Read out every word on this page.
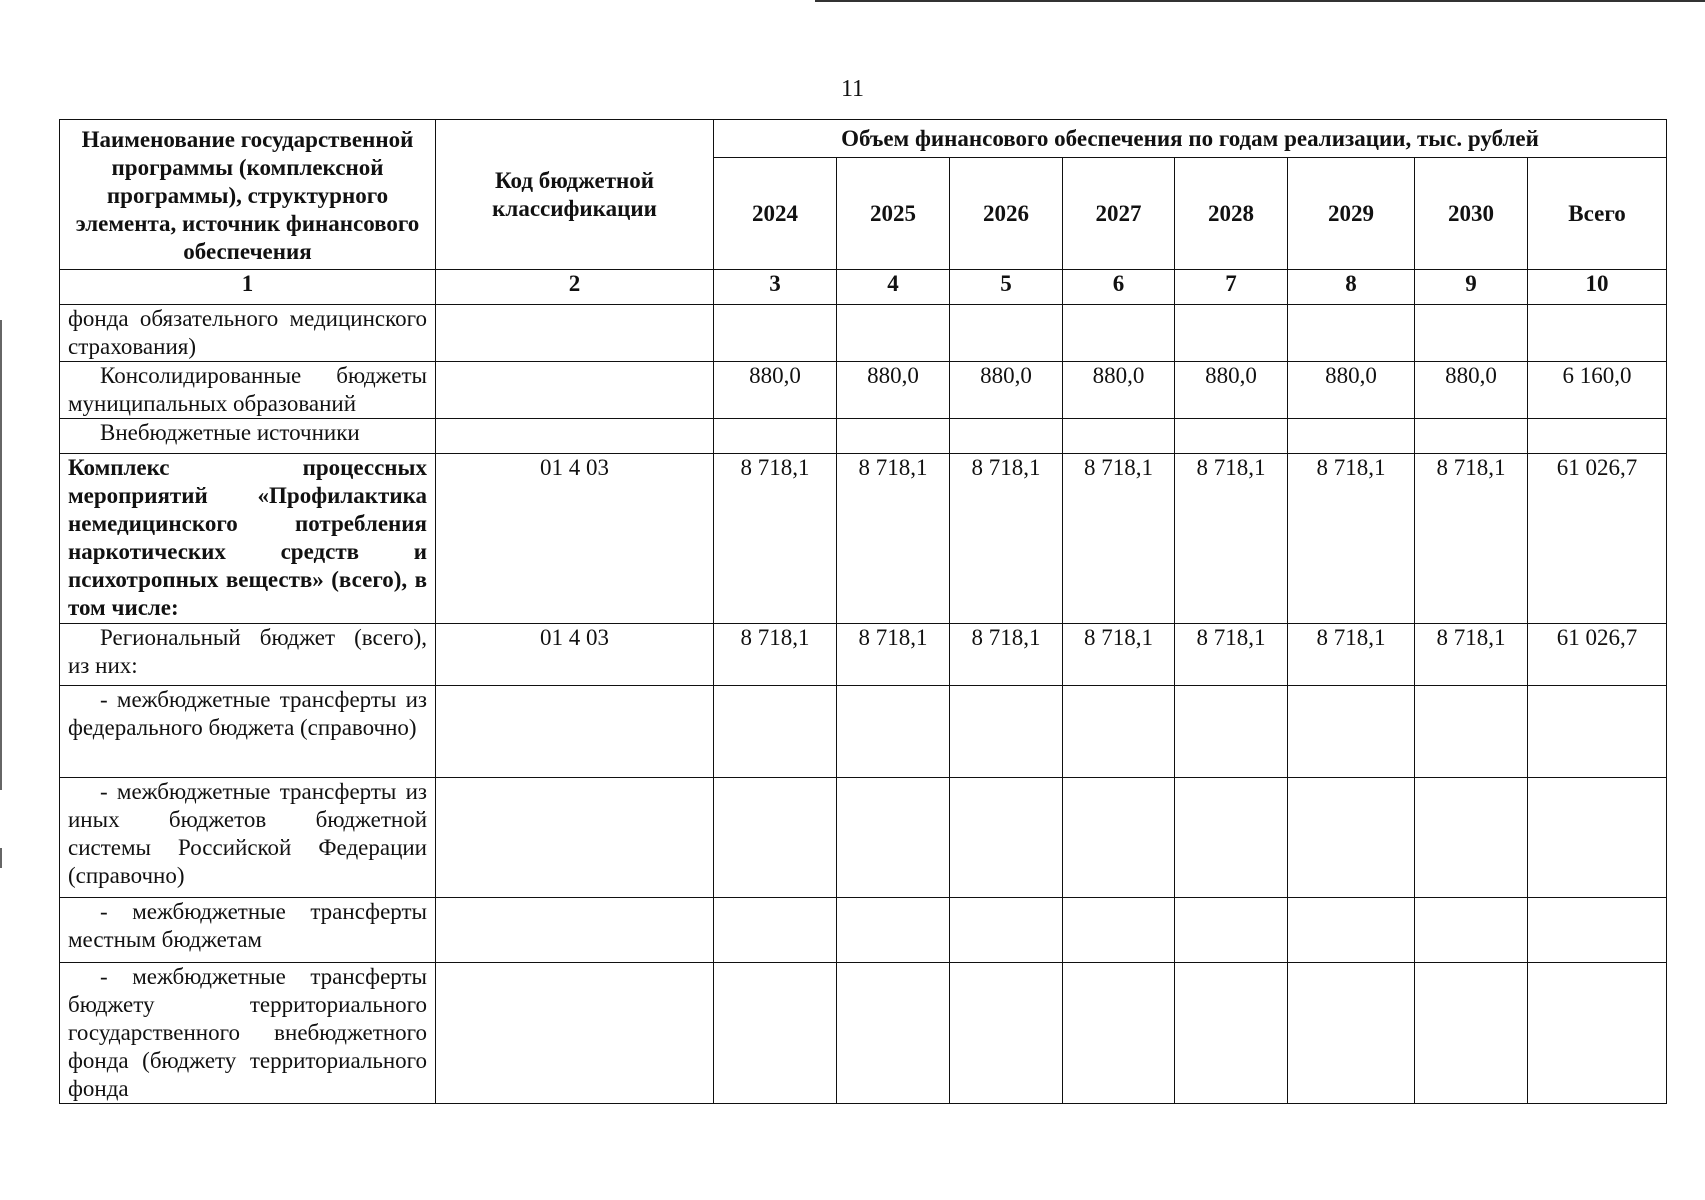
11
Наименование государственной программы (комплексной программы), структурного элемента, источник финансового обеспечения	Код бюджетной классификации	Объем финансового обеспечения по годам реализации, тыс. рублей							
		2024	2025	2026	2027	2028	2029	2030	Всего
1	2	3	4	5	6	7	8	9	10
фонда обязательного медицинского страхования)									
Консолидированные бюджеты муниципальных образований		880,0	880,0	880,0	880,0	880,0	880,0	880,0	6 160,0
Внебюджетные источники									
Комплекс процессных мероприятий «Профилактика немедицинского потребления наркотических средств и психотропных веществ» (всего), в том числе:	01 4 03	8 718,1	8 718,1	8 718,1	8 718,1	8 718,1	8 718,1	8 718,1	61 026,7
Региональный бюджет (всего), из них:	01 4 03	8 718,1	8 718,1	8 718,1	8 718,1	8 718,1	8 718,1	8 718,1	61 026,7
- межбюджетные трансферты из федерального бюджета (справочно)									
- межбюджетные трансферты из иных бюджетов бюджетной системы Российской Федерации (справочно)									
- межбюджетные трансферты местным бюджетам									
- межбюджетные трансферты бюджету территориального государственного внебюджетного фонда (бюджету территориального фонда									
